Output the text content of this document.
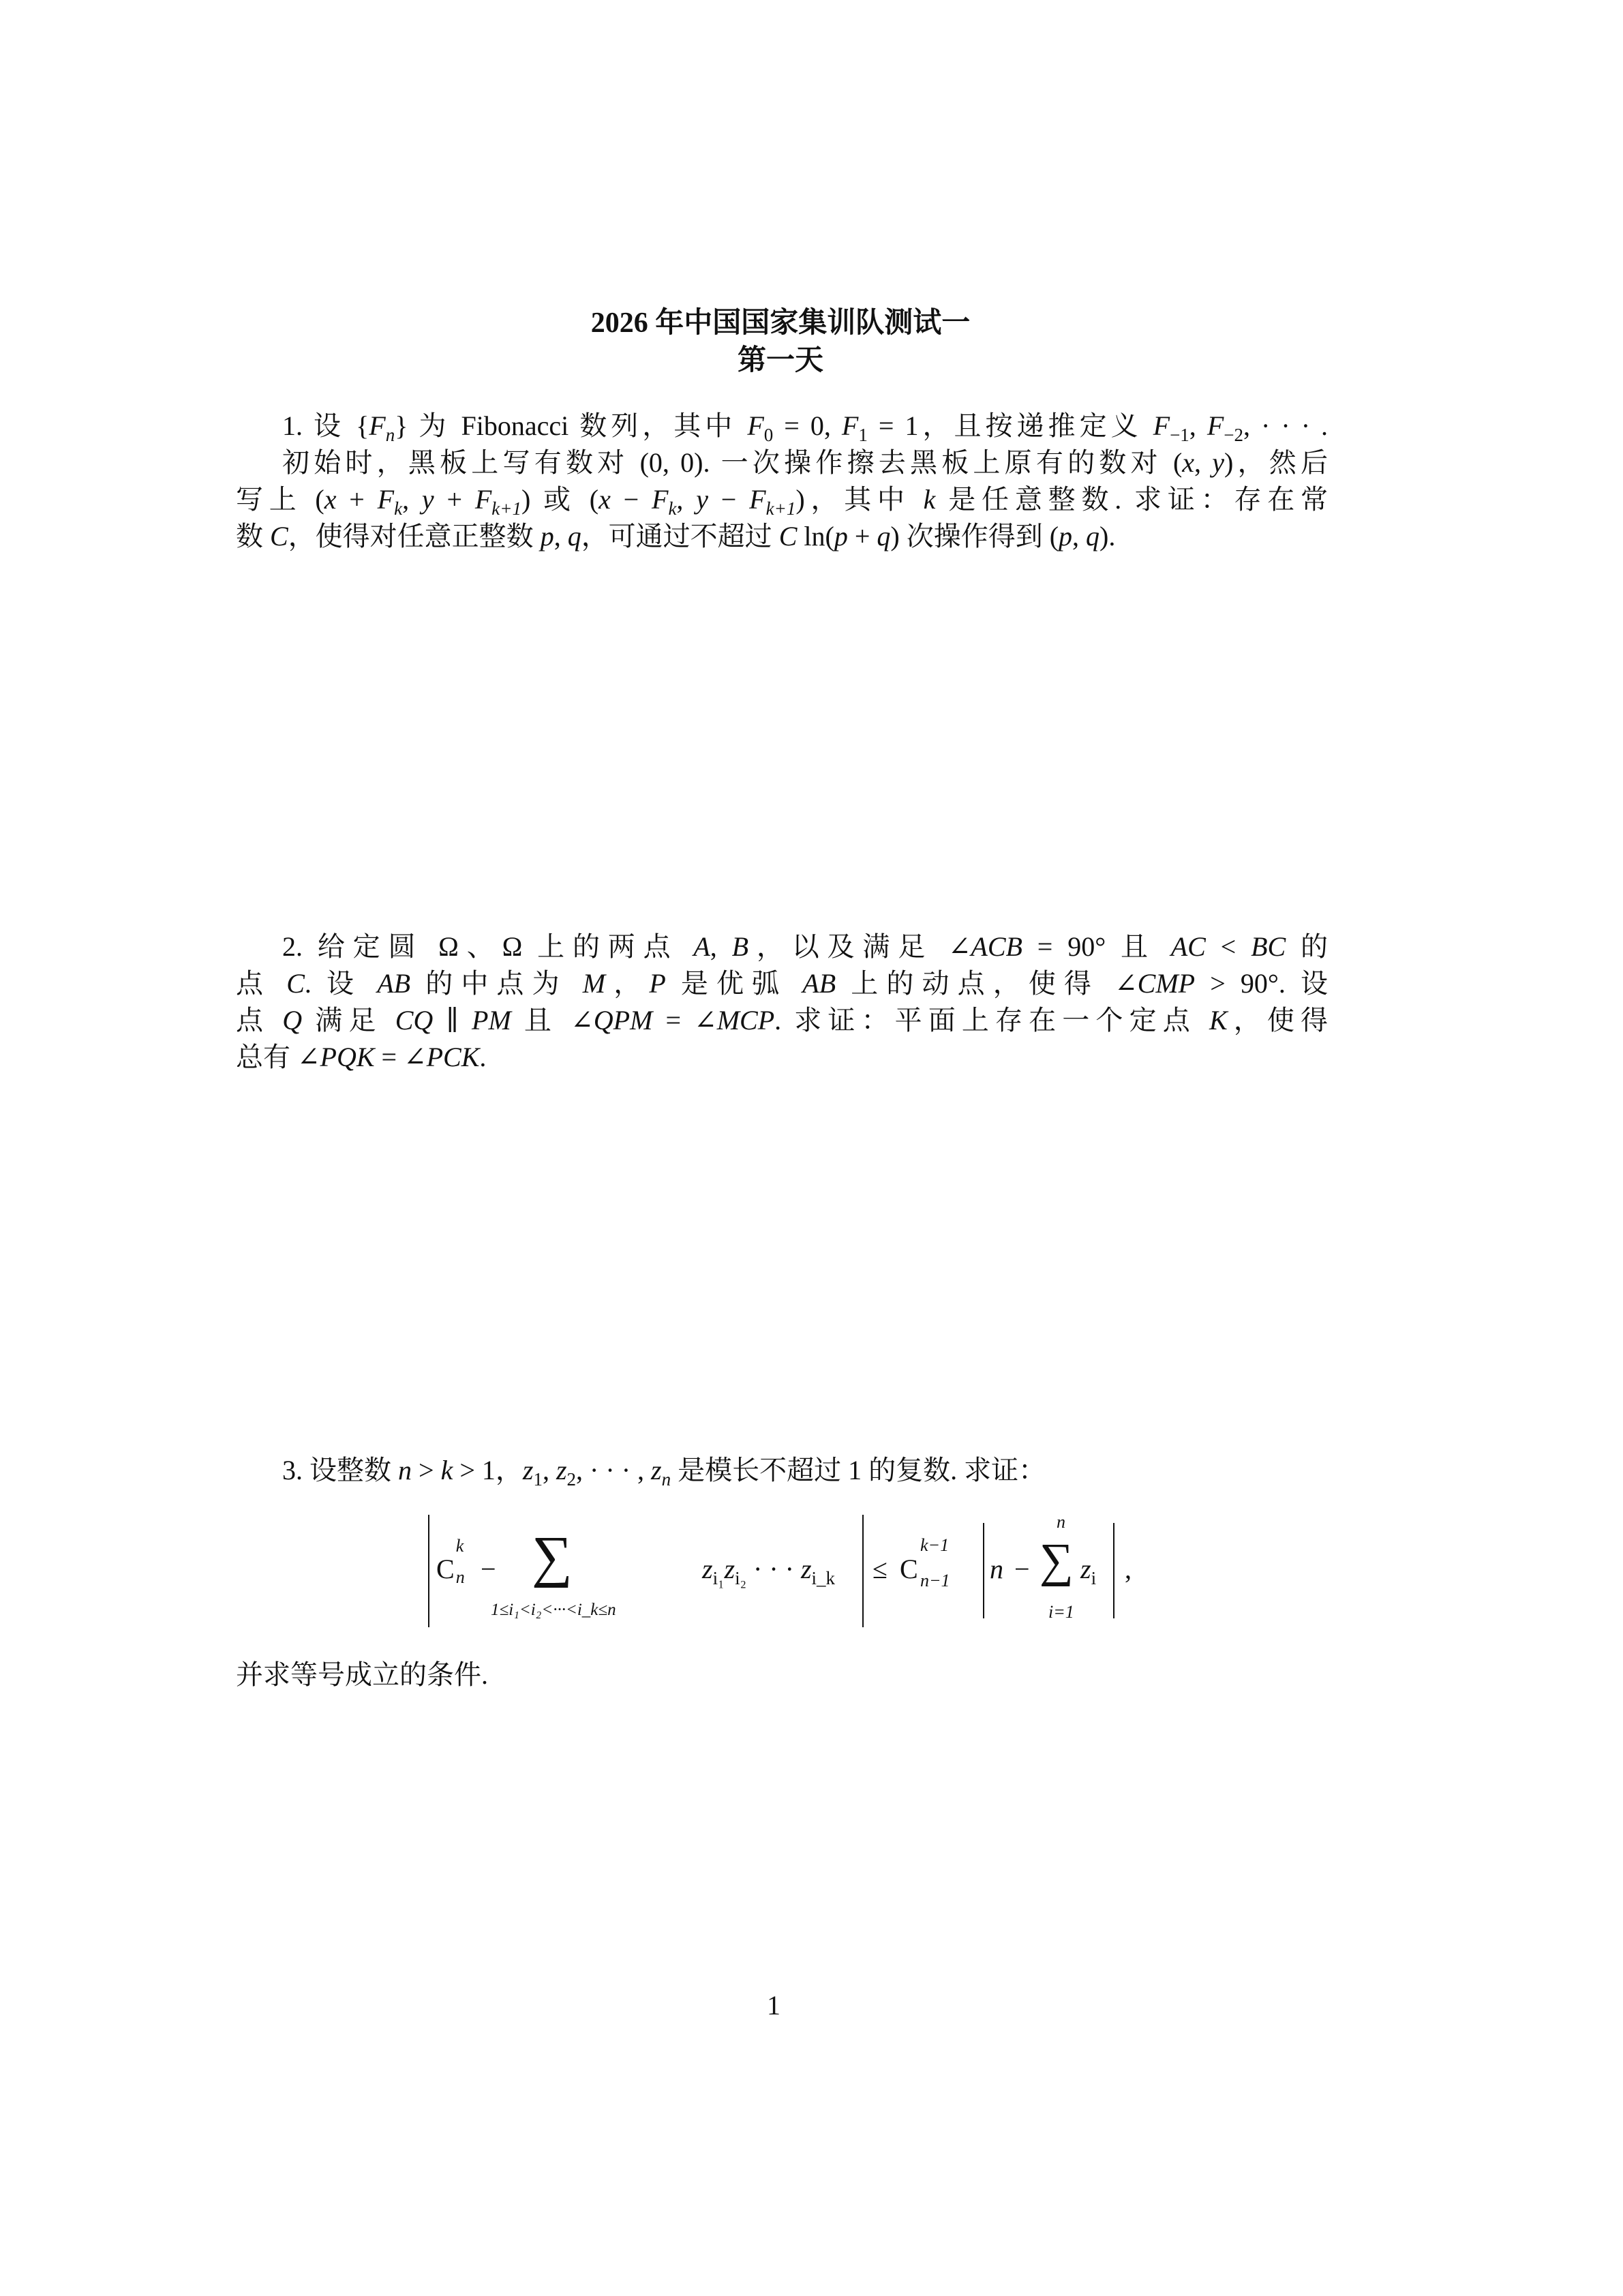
2026 年中国国家集训队测试一
第一天
1. 设 $\{F_n\}$ 为 Fibonacci 数列，其中 $F_0 = 0$, $F_1 = 1$，且按递推定义 $F_{-1}$, $F_{-2}$, · · · .
初始时，黑板上写有数对 (0, 0). 一次操作擦去黑板上原有的数对 (x, y)，然后
写上 ($x + F_k$, $y + F_{k+1}$) 或 ($x - F_k$, $y - F_{k+1}$)，其中 k 是任意整数. 求证：存在常
数 C，使得对任意正整数 p, q，可通过不超过 C ln(p + q) 次操作得到 (p, q).
2. 给定圆 Ω、Ω 上的两点 A, B，以及满足 ∠ACB = 90° 且 AC < BC 的
点 C. 设 AB 的中点为 M，P 是优弧 AB 上的动点，使得 ∠CMP > 90°. 设
点 Q 满足 CQ ∥ PM 且 ∠QPM = ∠MCP. 求证：平面上存在一个定点 K，使得
总有 ∠PQK = ∠PCK.
3. 设整数 n > k > 1，$z_1$, $z_2$, · · · , $z_n$ 是模长不超过 1 的复数. 求证：
C
k
n − ∑
1≤i₁<i₂<···<i_k≤n
$z_{i_1}z_{i_2}$ · · · $z_{i\_k} \le C$
k−1
n−1 n − ∑
n
i=1
$z_i$ ,
并求等号成立的条件.
1
